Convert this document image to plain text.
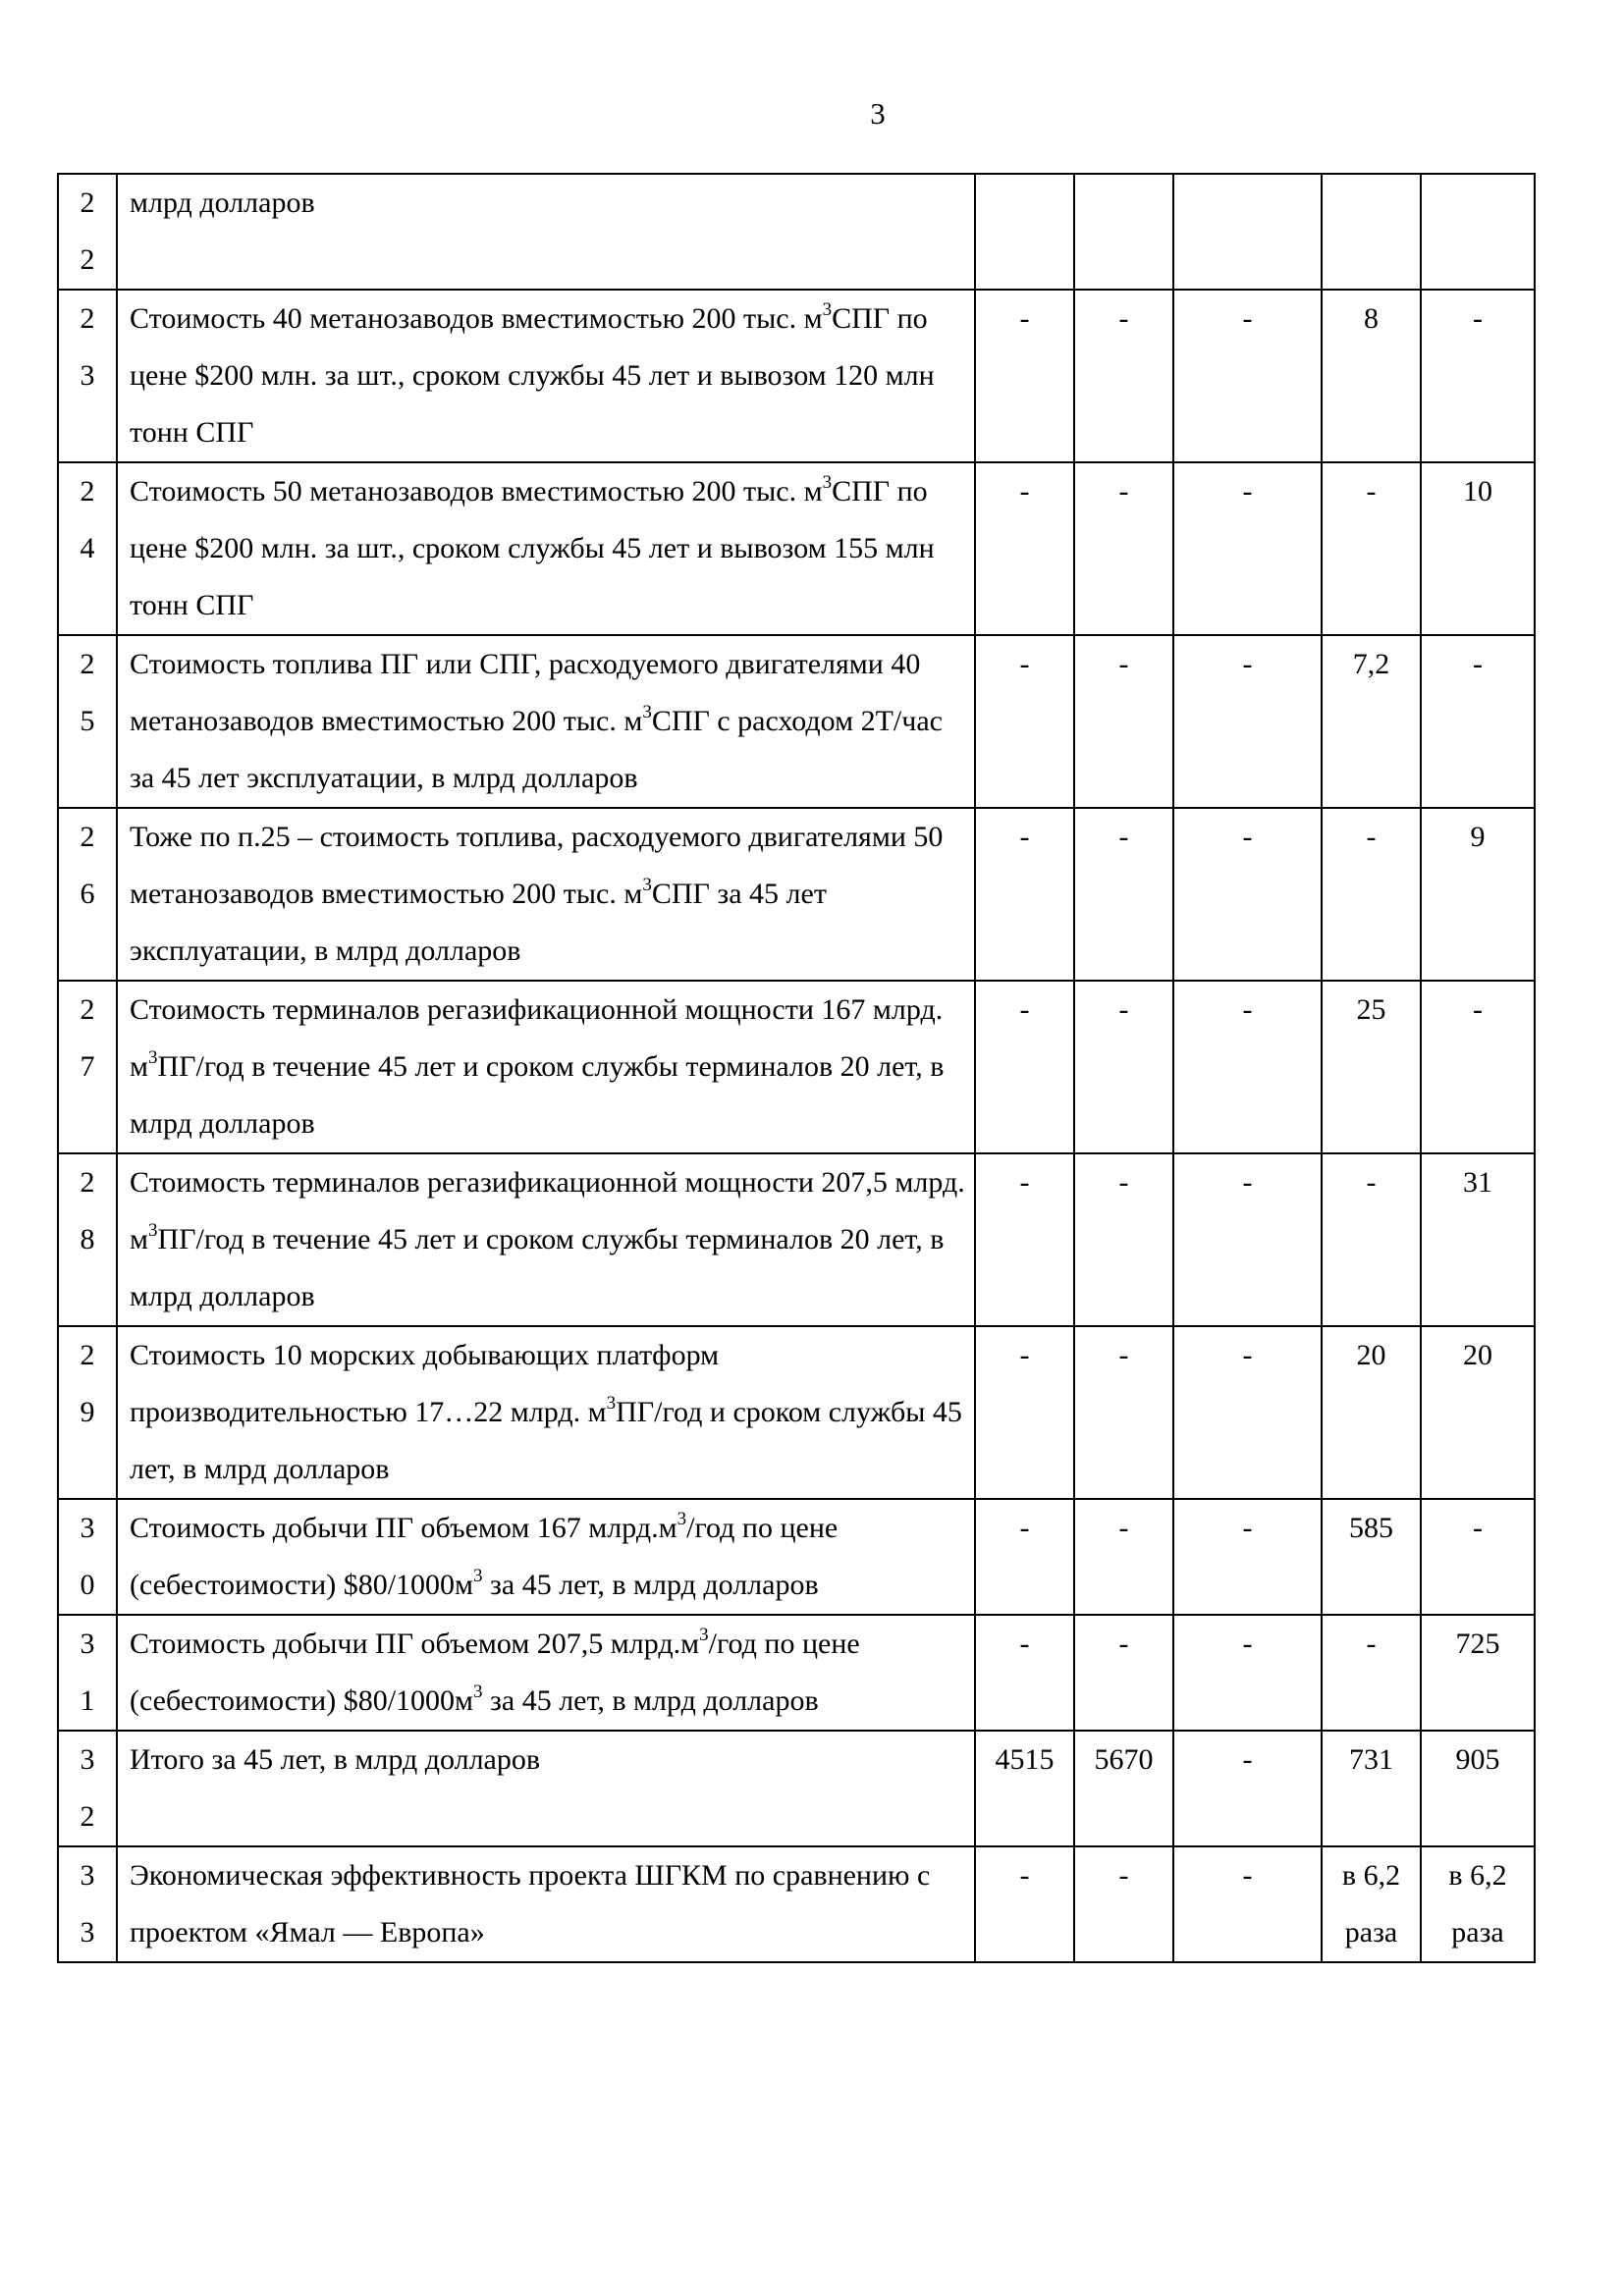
3
22	млрд долларов					
23	Стоимость 40 метанозаводов вместимостью 200 тыс. $м^3СПГ$ по цене $200 млн. за шт., сроком службы 45 лет и вывозом 120 млн тонн СПГ	-	-	-	8	-
24	Стоимость 50 метанозаводов вместимостью 200 тыс. $м^3СПГ$ по цене $200 млн. за шт., сроком службы 45 лет и вывозом 155 млн тонн СПГ	-	-	-	-	10
25	Стоимость топлива ПГ или СПГ, расходуемого двигателями 40 метанозаводов вместимостью 200 тыс. $м^3СПГ$ с расходом 2Т/час за 45 лет эксплуатации, в млрд долларов	-	-	-	7,2	-
26	Тоже по п.25 – стоимость топлива, расходуемого двигателями 50 метанозаводов вместимостью 200 тыс. $м^3СПГ$ за 45 лет эксплуатации, в млрд долларов	-	-	-	-	9
27	Стоимость терминалов регазификационной мощности 167 млрд. $м^3ПГ$/год в течение 45 лет и сроком службы терминалов 20 лет, в млрд долларов	-	-	-	25	-
28	Стоимость терминалов регазификационной мощности 207,5 млрд. $м^3ПГ$/год в течение 45 лет и сроком службы терминалов 20 лет, в млрд долларов	-	-	-	-	31
29	Стоимость 10 морских добывающих платформ производительностью 17…22 млрд. $м^3ПГ$/год и сроком службы 45 лет, в млрд долларов	-	-	-	20	20
30	Стоимость добычи ПГ объемом 167 $млрд.м^3$/год по цене (себестоимости) $\$80/1000м^3$ за 45 лет, в млрд долларов	-	-	-	585	-
31	Стоимость добычи ПГ объемом 207,5 $млрд.м^3$/год по цене (себестоимости) $\$80/1000м^3$ за 45 лет, в млрд долларов	-	-	-	-	725
32	Итого за 45 лет, в млрд долларов	4515	5670	-	731	905
33	Экономическая эффективность проекта ШГКМ по сравнению с проектом «Ямал — Европа»	-	-	-	в 6,2 раза	в 6,2 раза
